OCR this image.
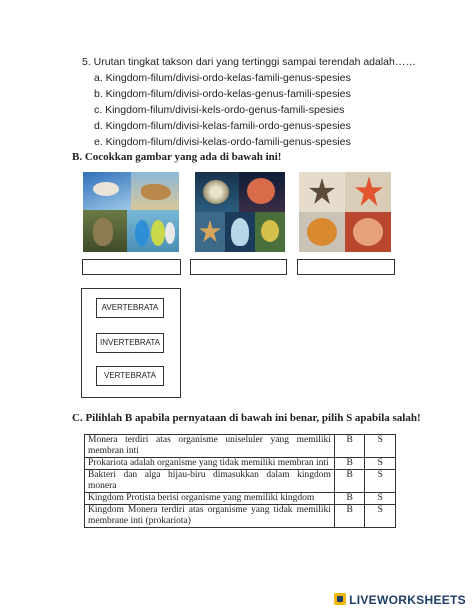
5. Urutan tingkat takson dari yang tertinggi sampai terendah adalah……
a. Kingdom-filum/divisi-ordo-kelas-famili-genus-spesies
b. Kingdom-filum/divisi-ordo-kelas-genus-famili-spesies
c. Kingdom-filum/divisi-kels-ordo-genus-famili-spesies
d. Kingdom-filum/divisi-kelas-famili-ordo-genus-spesies
e. Kingdom-filum/divisi-kelas-ordo-famili-genus-spesies
B. Cocokkan gambar yang ada di bawah ini!
AVERTEBRATA
INVERTEBRATA
VERTEBRATA
C. Pilihlah B apabila pernyataan di bawah ini benar, pilih S apabila salah!
Monera terdiri atas organisme uniseluler yang memiliki membran inti	B	S
Prokariota adalah organisme yang tidak memiliki membran inti	B	S
Bakteri dan alga hijau-biru dimasukkan dalam kingdom monera	B	S
Kingdom Protista berisi organisme yang memiliki kingdom	B	S
Kingdom Monera terdiri atas organisme yang tidak memiliki membrane inti (prokariota)	B	S
LIVEWORKSHEETS
